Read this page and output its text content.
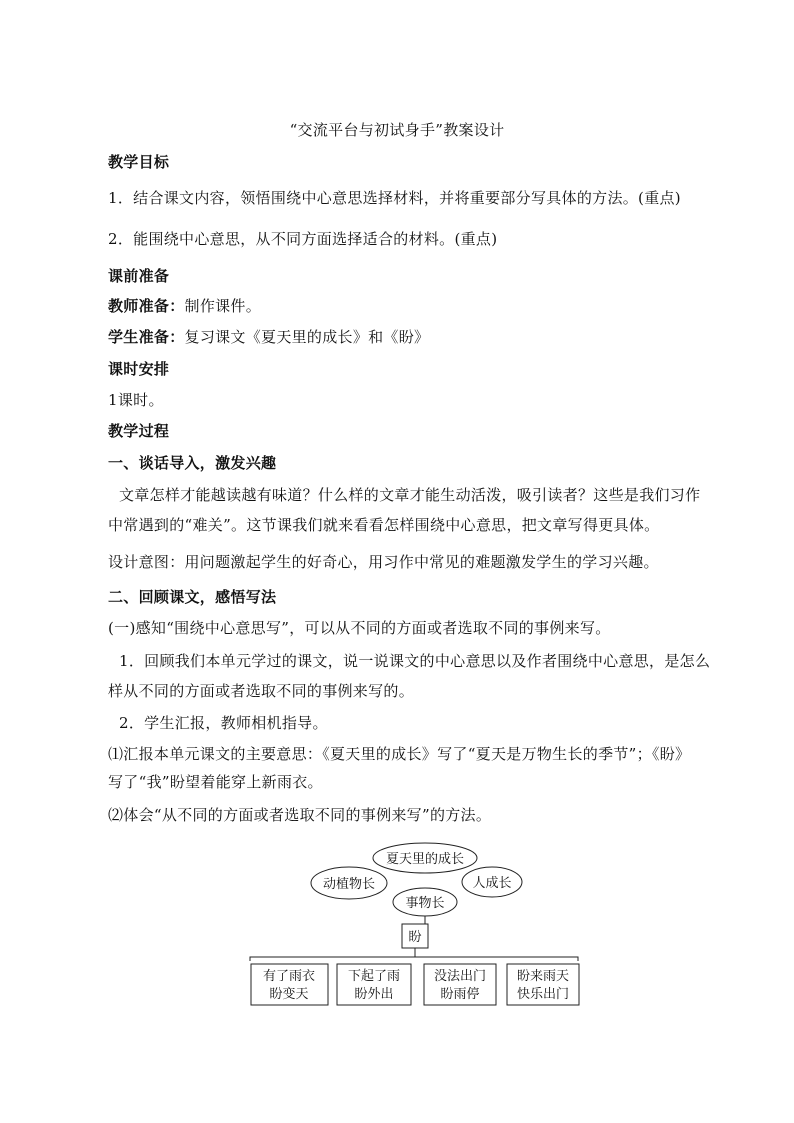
“交流平台与初试身手”教案设计
教学目标
1．结合课文内容，领悟围绕中心意思选择材料，并将重要部分写具体的方法。(重点)
2．能围绕中心意思，从不同方面选择适合的材料。(重点)
课前准备
教师准备：制作课件。
学生准备：复习课文《夏天里的成长》和《盼》
课时安排
1课时。
教学过程
一、谈话导入，激发兴趣
文章怎样才能越读越有味道？什么样的文章才能生动活泼，吸引读者？这些是我们习作
中常遇到的“难关”。这节课我们就来看看怎样围绕中心意思，把文章写得更具体。
设计意图：用问题激起学生的好奇心，用习作中常见的难题激发学生的学习兴趣。
二、回顾课文，感悟写法
(一)感知“围绕中心意思写”，可以从不同的方面或者选取不同的事例来写。
1．回顾我们本单元学过的课文，说一说课文的中心意思以及作者围绕中心意思，是怎么
样从不同的方面或者选取不同的事例来写的。
2．学生汇报，教师相机指导。
⑴汇报本单元课文的主要意思：《夏天里的成长》写了“夏天是万物生长的季节”；《盼》
写了“我”盼望着能穿上新雨衣。
⑵体会“从不同的方面或者选取不同的事例来写”的方法。
夏天里的成长
动植物长	人成长
事物长
盼
有了雨衣
盼变天
下起了雨
盼外出
没法出门
盼雨停
盼来雨天
快乐出门
